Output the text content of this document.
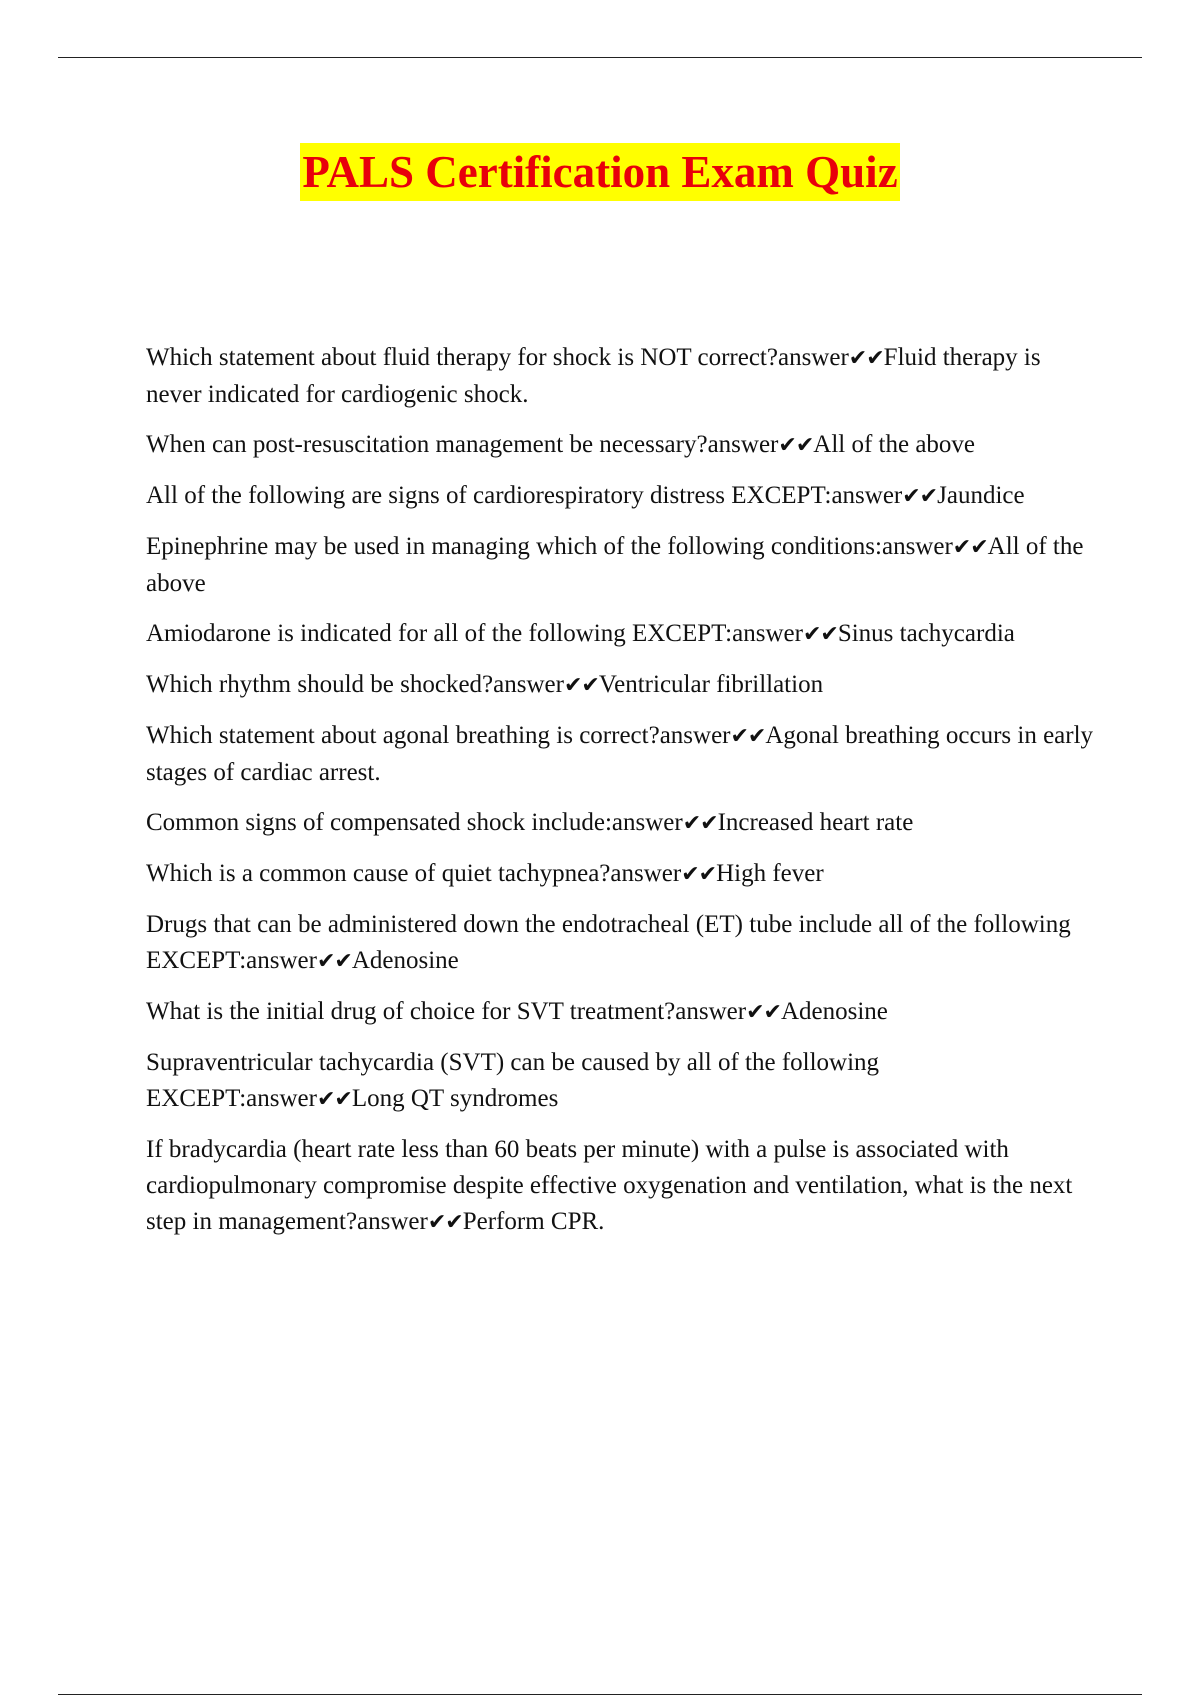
PALS Certification Exam Quiz

Which statement about fluid therapy for shock is NOT correct?answer✔✔Fluid therapy is never indicated for cardiogenic shock.

When can post-resuscitation management be necessary?answer✔✔All of the above

All of the following are signs of cardiorespiratory distress EXCEPT:answer✔✔Jaundice

Epinephrine may be used in managing which of the following conditions:answer✔✔All of the above

Amiodarone is indicated for all of the following EXCEPT:answer✔✔Sinus tachycardia

Which rhythm should be shocked?answer✔✔Ventricular fibrillation

Which statement about agonal breathing is correct?answer✔✔Agonal breathing occurs in early stages of cardiac arrest.

Common signs of compensated shock include:answer✔✔Increased heart rate

Which is a common cause of quiet tachypnea?answer✔✔High fever

Drugs that can be administered down the endotracheal (ET) tube include all of the following EXCEPT:answer✔✔Adenosine

What is the initial drug of choice for SVT treatment?answer✔✔Adenosine

Supraventricular tachycardia (SVT) can be caused by all of the following EXCEPT:answer✔✔Long QT syndromes

If bradycardia (heart rate less than 60 beats per minute) with a pulse is associated with cardiopulmonary compromise despite effective oxygenation and ventilation, what is the next step in management?answer✔✔Perform CPR.
